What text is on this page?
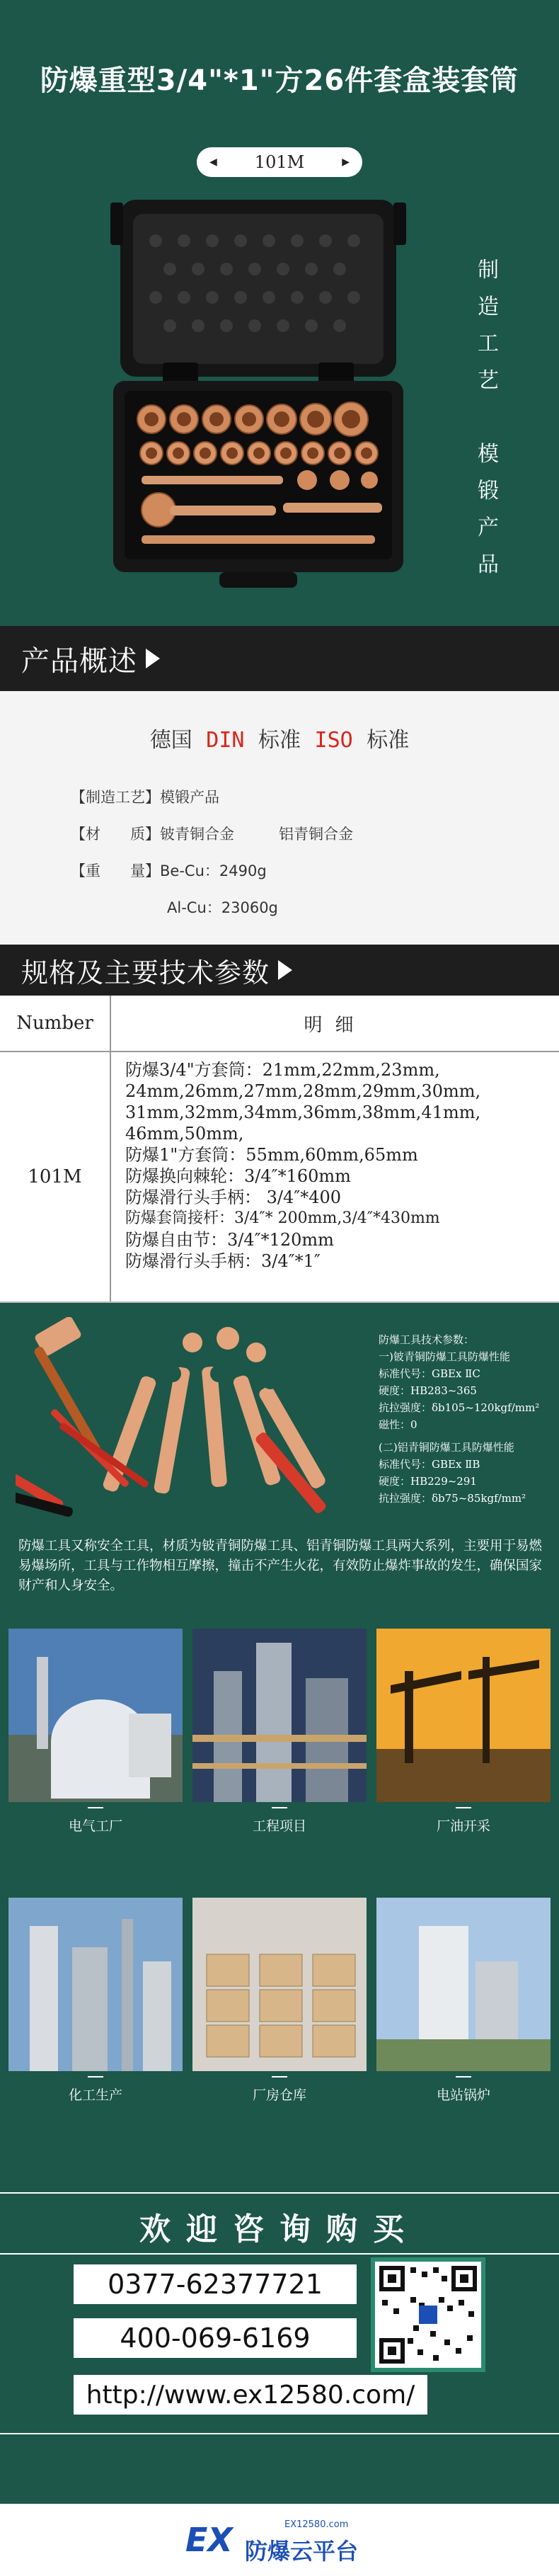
防爆重型3/4"*1"方26件套盒装套筒
◀ 101M	▶
制
造
工
艺
模
锻
产
品
产品概述
德国 DIN 标准 ISO 标准
【制造工艺】模锻产品
【材　　质】铍青铜合金　　　铝青铜合金
【重　　量】Be-Cu：2490g
Al-Cu：23060g
规格及主要技术参数
Number	明细
101M
防爆3/4"方套筒：21mm,22mm,23mm,
24mm,26mm,27mm,28mm,29mm,30mm,
31mm,32mm,34mm,36mm,38mm,41mm,
46mm,50mm,
防爆1"方套筒：55mm,60mm,65mm
防爆换向棘轮：3/4″*160mm
防爆滑行头手柄： 3/4″*400
防爆套筒接杆：3/4″* 200mm,3/4″*430mm
防爆自由节：3/4″*120mm
防爆滑行头手柄：3/4″*1″
防爆工具技术参数：
一)铍青铜防爆工具防爆性能
标准代号：GBEx ⅡC
硬度：HB283~365
抗拉强度：δb105~120kgf/mm²
磁性：0
(二)铝青铜防爆工具防爆性能
标准代号：GBEx ⅡB
硬度：HB229~291
抗拉强度：δb75~85kgf/mm²
防爆工具又称安全工具，材质为铍青铜防爆工具、铝青铜防爆工具两大系列，主要用于易燃易爆场所，工具与工作物相互摩擦，撞击不产生火花，有效防止爆炸事故的发生，确保国家财产和人身安全。
电气工厂	工程项目	厂油开采
化工生产	厂房仓库	电站锅炉
欢迎咨询购买
0377-62377721
400-069-6169
http://www.ex12580.com/
EX	EX12580.com
防爆云平台
